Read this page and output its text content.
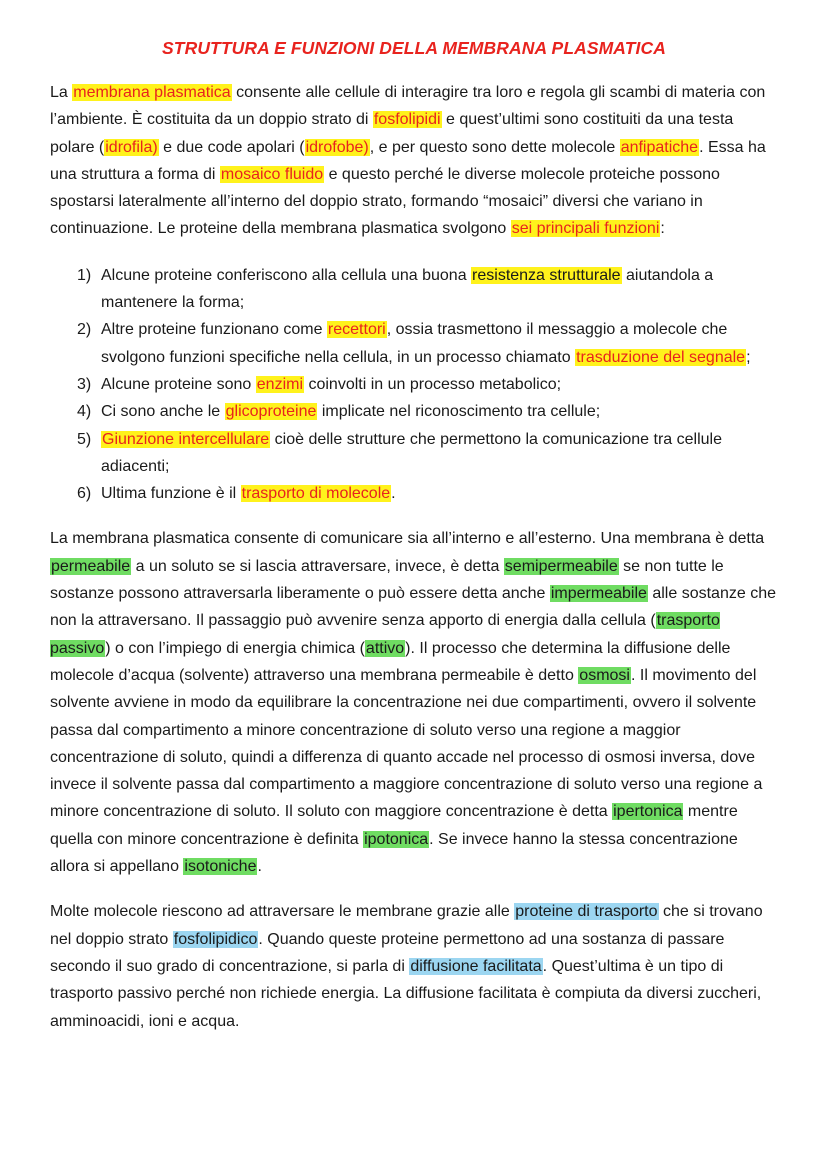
STRUTTURA E FUNZIONI DELLA MEMBRANA PLASMATICA

La membrana plasmatica consente alle cellule di interagire tra loro e regola gli scambi di materia con l’ambiente. È costituita da un doppio strato di fosfolipidi e quest’ultimi sono costituiti da una testa polare (idrofila) e due code apolari (idrofobe), e per questo sono dette molecole anfipatiche. Essa ha una struttura a forma di mosaico fluido e questo perché le diverse molecole proteiche possono spostarsi lateralmente all’interno del doppio strato, formando “mosaici” diversi che variano in continuazione. Le proteine della membrana plasmatica svolgono sei principali funzioni:

1) Alcune proteine conferiscono alla cellula una buona resistenza strutturale aiutandola a mantenere la forma;
2) Altre proteine funzionano come recettori, ossia trasmettono il messaggio a molecole che svolgono funzioni specifiche nella cellula, in un processo chiamato trasduzione del segnale;
3) Alcune proteine sono enzimi coinvolti in un processo metabolico;
4) Ci sono anche le glicoproteine implicate nel riconoscimento tra cellule;
5) Giunzione intercellulare cioè delle strutture che permettono la comunicazione tra cellule adiacenti;
6) Ultima funzione è il trasporto di molecole.

La membrana plasmatica consente di comunicare sia all’interno e all’esterno. Una membrana è detta permeabile a un soluto se si lascia attraversare, invece, è detta semipermeabile se non tutte le sostanze possono attraversarla liberamente o può essere detta anche impermeabile alle sostanze che non la attraversano. Il passaggio può avvenire senza apporto di energia dalla cellula (trasporto passivo) o con l’impiego di energia chimica (attivo). Il processo che determina la diffusione delle molecole d’acqua (solvente) attraverso una membrana permeabile è detto osmosi. Il movimento del solvente avviene in modo da equilibrare la concentrazione nei due compartimenti, ovvero il solvente passa dal compartimento a minore concentrazione di soluto verso una regione a maggior concentrazione di soluto, quindi a differenza di quanto accade nel processo di osmosi inversa, dove invece il solvente passa dal compartimento a maggiore concentrazione di soluto verso una regione a minore concentrazione di soluto. Il soluto con maggiore concentrazione è detta ipertonica mentre quella con minore concentrazione è definita ipotonica. Se invece hanno la stessa concentrazione allora si appellano isotoniche.

Molte molecole riescono ad attraversare le membrane grazie alle proteine di trasporto che si trovano nel doppio strato fosfolipidico. Quando queste proteine permettono ad una sostanza di passare secondo il suo grado di concentrazione, si parla di diffusione facilitata. Quest’ultima è un tipo di trasporto passivo perché non richiede energia. La diffusione facilitata è compiuta da diversi zuccheri, amminoacidi, ioni e acqua.
